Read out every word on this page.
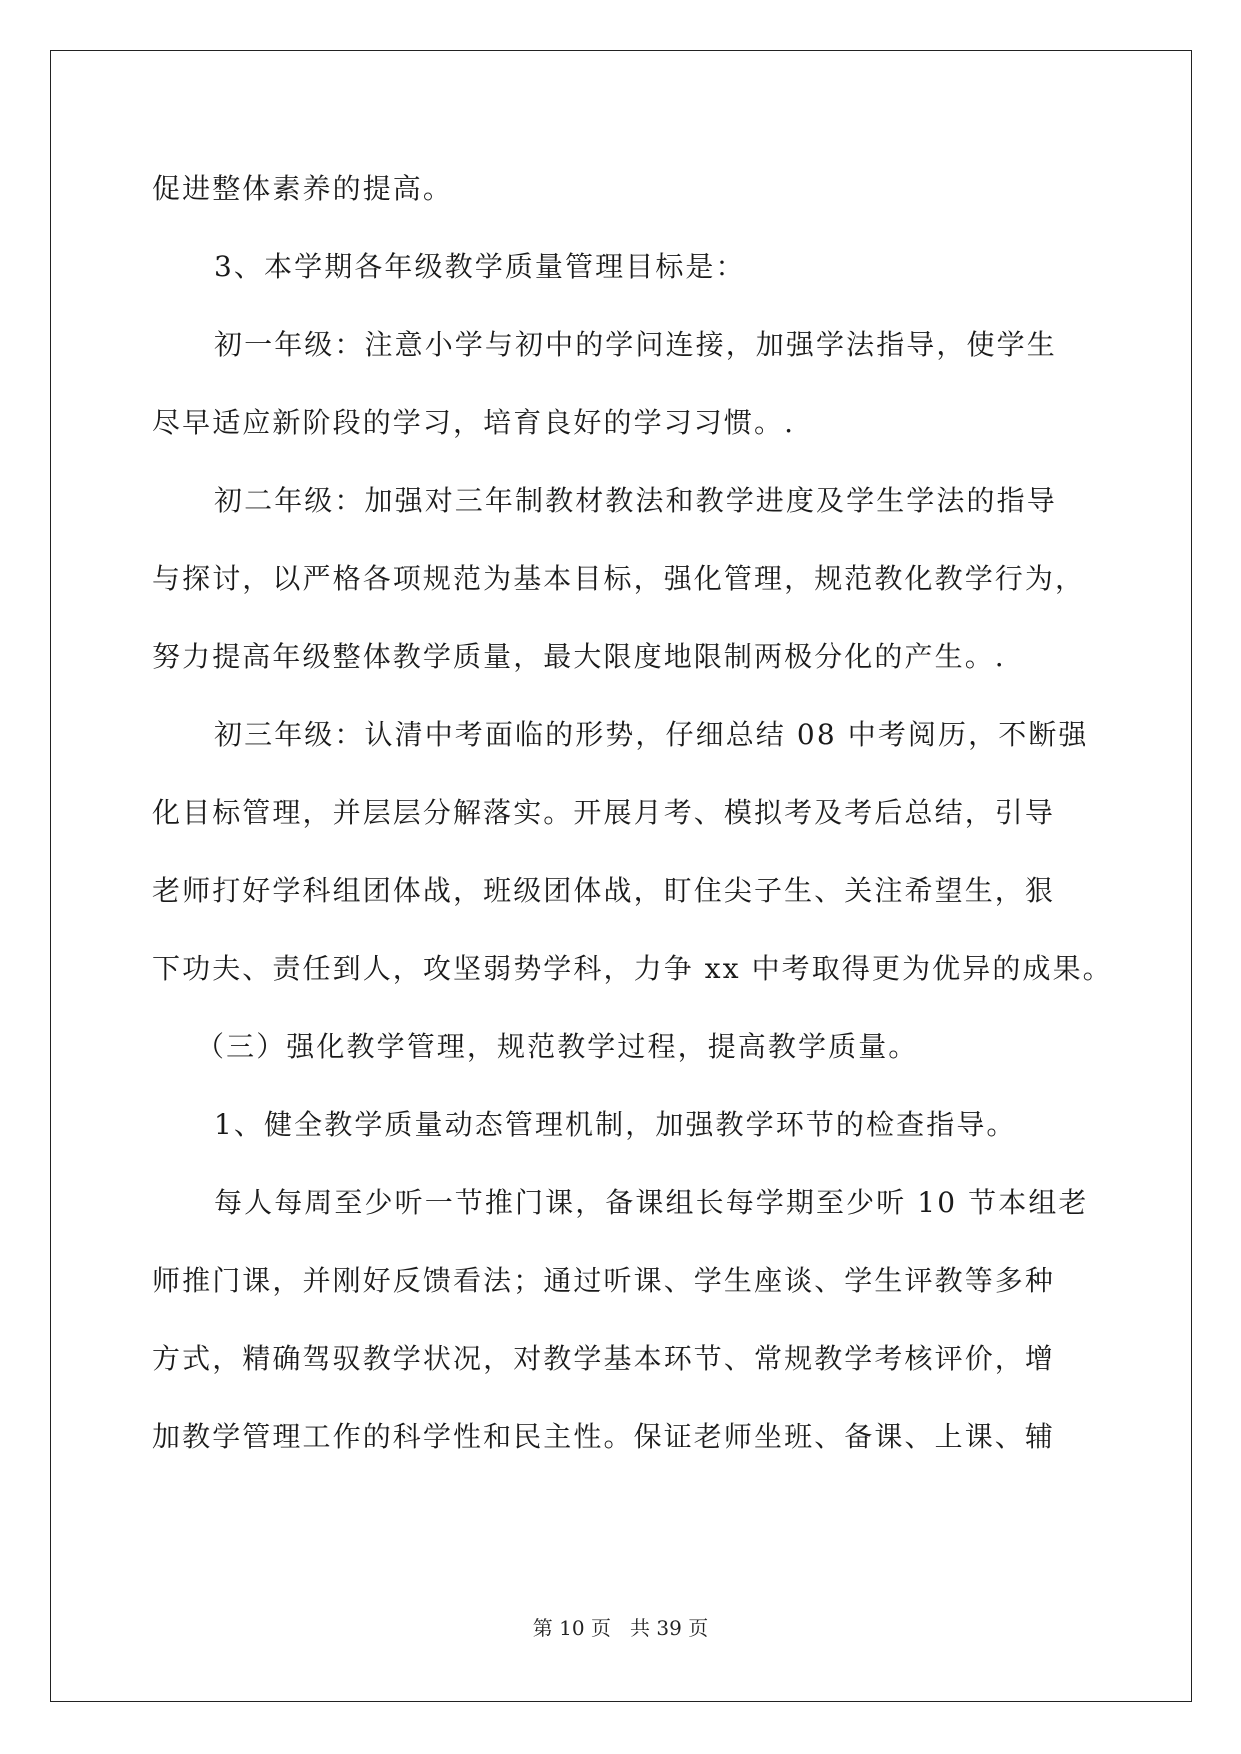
促进整体素养的提高。
3、本学期各年级教学质量管理目标是：
初一年级：注意小学与初中的学问连接，加强学法指导，使学生
尽早适应新阶段的学习，培育良好的学习习惯。.
初二年级：加强对三年制教材教法和教学进度及学生学法的指导
与探讨，以严格各项规范为基本目标，强化管理，规范教化教学行为，
努力提高年级整体教学质量，最大限度地限制两极分化的产生。.
初三年级：认清中考面临的形势，仔细总结 08 中考阅历，不断强
化目标管理，并层层分解落实。开展月考、模拟考及考后总结，引导
老师打好学科组团体战，班级团体战，盯住尖子生、关注希望生，狠
下功夫、责任到人，攻坚弱势学科，力争 xx 中考取得更为优异的成果。
（三）强化教学管理，规范教学过程，提高教学质量。
1、健全教学质量动态管理机制，加强教学环节的检查指导。
每人每周至少听一节推门课，备课组长每学期至少听 10 节本组老
师推门课，并刚好反馈看法；通过听课、学生座谈、学生评教等多种
方式，精确驾驭教学状况，对教学基本环节、常规教学考核评价，增
加教学管理工作的科学性和民主性。保证老师坐班、备课、上课、辅
第 10 页 共 39 页
